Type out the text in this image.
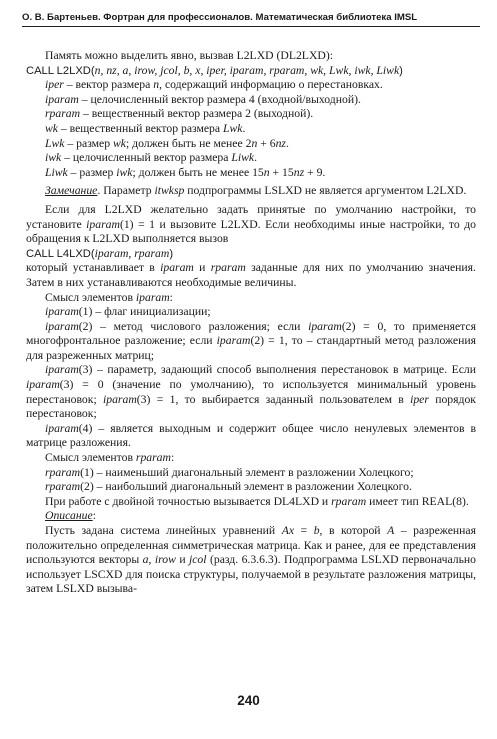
О. В. Бартеньев. Фортран для профессионалов. Математическая библиотека IMSL

Память можно выделить явно, вызвав L2LXD (DL2LXD):

CALL L2LXD(n, nz, a, irow, jcol, b, x, iper, iparam, rparam, wk, Lwk, iwk, Liwk)

iper – вектор размера n, содержащий информацию о перестановках.

iparam – целочисленный вектор размера 4 (входной/выходной).

rparam – вещественный вектор размера 2 (выходной).

wk – вещественный вектор размера Lwk.

Lwk – размер wk; должен быть не менее 2n + 6nz.

iwk – целочисленный вектор размера Liwk.

Liwk – размер iwk; должен быть не менее 15n + 15nz + 9.

Замечание. Параметр itwksp подпрограммы LSLXD не является аргументом L2LXD.

Если для L2LXD желательно задать принятые по умолчанию настройки, то установите iparam(1) = 1 и вызовите L2LXD. Если необходимы иные настройки, то до обращения к L2LXD выполняется вызов

CALL L4LXD(iparam, rparam)

который устанавливает в iparam и rparam заданные для них по умолчанию значения. Затем в них устанавливаются необходимые величины.

Смысл элементов iparam:

iparam(1) – флаг инициализации;

iparam(2) – метод числового разложения; если iparam(2) = 0, то применяется многофронтальное разложение; если iparam(2) = 1, то – стандартный метод разложения для разреженных матриц;

iparam(3) – параметр, задающий способ выполнения перестановок в матрице. Если iparam(3) = 0 (значение по умолчанию), то используется минимальный уровень перестановок; iparam(3) = 1, то выбирается заданный пользователем в iper порядок перестановок;

iparam(4) – является выходным и содержит общее число ненулевых элементов в матрице разложения.

Смысл элементов rparam:

rparam(1) – наименьший диагональный элемент в разложении Холецкого;

rparam(2) – наибольший диагональный элемент в разложении Холецкого.

При работе с двойной точностью вызывается DL4LXD и rparam имеет тип REAL(8).

Описание:

Пусть задана система линейных уравнений Ax = b, в которой A – разреженная положительно определенная симметрическая матрица. Как и ранее, для ее представления используются векторы a, irow и jcol (разд. 6.3.6.3). Подпрограмма LSLXD первоначально использует LSCXD для поиска структуры, получаемой в результате разложения матрицы, затем LSLXD вызыва-

240
